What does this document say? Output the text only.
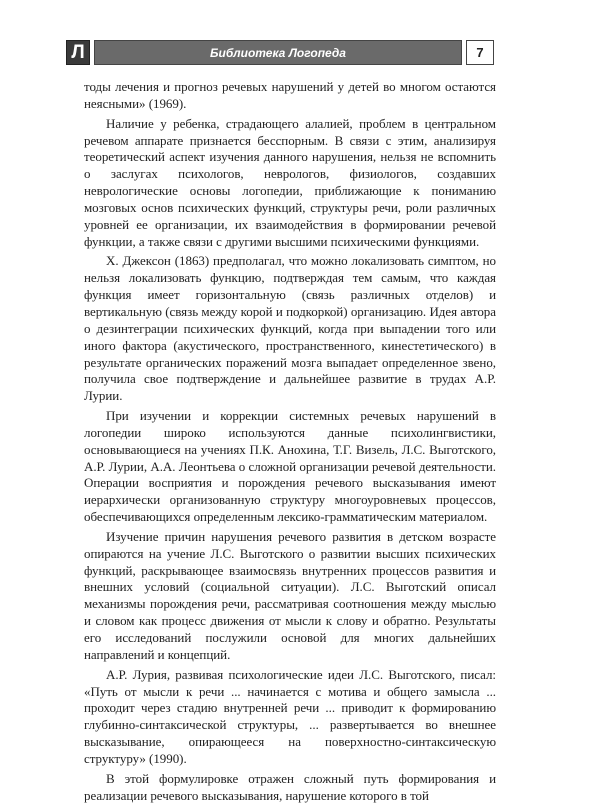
Л	Библиотека Логопеда	7

тоды лечения и прогноз речевых нарушений у детей во многом остаются неясными» (1969).

Наличие у ребенка, страдающего алалией, проблем в центральном речевом аппарате признается бесспорным. В связи с этим, анализируя теоретический аспект изучения данного нарушения, нельзя не вспомнить о заслугах психологов, неврологов, физиологов, создавших неврологические основы логопедии, приближающие к пониманию мозговых основ психических функций, структуры речи, роли различных уровней ее организации, их взаимодействия в формировании речевой функции, а также связи с другими высшими психическими функциями.

Х. Джексон (1863) предполагал, что можно локализовать симптом, но нельзя локализовать функцию, подтверждая тем самым, что каждая функция имеет горизонтальную (связь различных отделов) и вертикальную (связь между корой и подкоркой) организацию. Идея автора о дезинтеграции психических функций, когда при выпадении того или иного фактора (акустического, пространственного, кинестетического) в результате органических поражений мозга выпадает определенное звено, получила свое подтверждение и дальнейшее развитие в трудах А.Р. Лурии.

При изучении и коррекции системных речевых нарушений в логопедии широко используются данные психолингвистики, основывающиеся на учениях П.К. Анохина, Т.Г. Визель, Л.С. Выготского, А.Р. Лурии, А.А. Леонтьева о сложной организации речевой деятельности. Операции восприятия и порождения речевого высказывания имеют иерархически организованную структуру многоуровневых процессов, обеспечивающихся определенным лексико-грамматическим материалом.

Изучение причин нарушения речевого развития в детском возрасте опираются на учение Л.С. Выготского о развитии высших психических функций, раскрывающее взаимосвязь внутренних процессов развития и внешних условий (социальной ситуации). Л.С. Выготский описал механизмы порождения речи, рассматривая соотношения между мыслью и словом как процесс движения от мысли к слову и обратно. Результаты его исследований послужили основой для многих дальнейших направлений и концепций.

А.Р. Лурия, развивая психологические идеи Л.С. Выготского, писал: «Путь от мысли к речи ... начинается с мотива и общего замысла ... проходит через стадию внутренней речи ... приводит к формированию глубинно-синтаксической структуры, ... развертывается во внешнее высказывание, опирающееся на поверхностно-синтаксическую структуру» (1990).

В этой формулировке отражен сложный путь формирования и реализации речевого высказывания, нарушение которого в той
